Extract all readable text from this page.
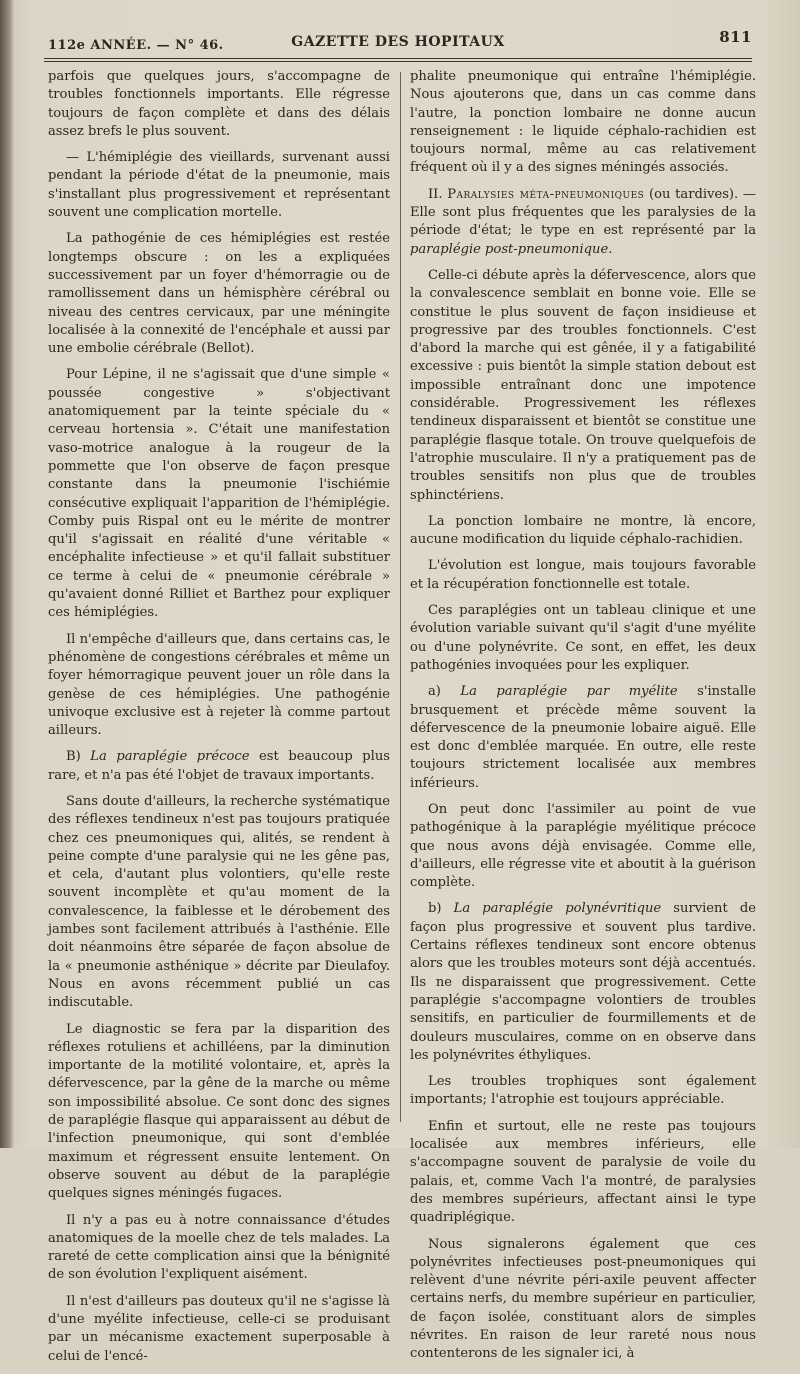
112e ANNÉE. — N° 46.	GAZETTE DES HOPITAUX	811

parfois que quelques jours, s'accompagne de troubles fonctionnels importants. Elle régresse toujours de façon complète et dans des délais assez brefs le plus souvent.

— L'hémiplégie des vieillards, survenant aussi pendant la période d'état de la pneumonie, mais s'installant plus progressivement et représentant souvent une complication mortelle.

La pathogénie de ces hémiplégies est restée longtemps obscure : on les a expliquées successivement par un foyer d'hémorragie ou de ramollissement dans un hémisphère cérébral ou niveau des centres cervicaux, par une méningite localisée à la connexité de l'encéphale et aussi par une embolie cérébrale (Bellot).

Pour Lépine, il ne s'agissait que d'une simple « poussée congestive » s'objectivant anatomiquement par la teinte spéciale du « cerveau hortensia ». C'était une manifestation vaso-motrice analogue à la rougeur de la pommette que l'on observe de façon presque constante dans la pneumonie l'ischiémie consécutive expliquait l'apparition de l'hémiplégie. Comby puis Rispal ont eu le mérite de montrer qu'il s'agissait en réalité d'une véritable « encéphalite infectieuse » et qu'il fallait substituer ce terme à celui de « pneumonie cérébrale » qu'avaient donné Rilliet et Barthez pour expliquer ces hémiplégies.

Il n'empêche d'ailleurs que, dans certains cas, le phénomène de congestions cérébrales et même un foyer hémorragique peuvent jouer un rôle dans la genèse de ces hémiplégies. Une pathogénie univoque exclusive est à rejeter là comme partout ailleurs.

B) La paraplégie précoce est beaucoup plus rare, et n'a pas été l'objet de travaux importants.

Sans doute d'ailleurs, la recherche systématique des réflexes tendineux n'est pas toujours pratiquée chez ces pneumoniques qui, alités, se rendent à peine compte d'une paralysie qui ne les gêne pas, et cela, d'autant plus volontiers, qu'elle reste souvent incomplète et qu'au moment de la convalescence, la faiblesse et le dérobement des jambes sont facilement attribués à l'asthénie. Elle doit néanmoins être séparée de façon absolue de la « pneumonie asthénique » décrite par Dieulafoy. Nous en avons récemment publié un cas indiscutable.

Le diagnostic se fera par la disparition des réflexes rotuliens et achilléens, par la diminution importante de la motilité volontaire, et, après la défervescence, par la gêne de la marche ou même son impossibilité absolue. Ce sont donc des signes de paraplégie flasque qui apparaissent au début de l'infection pneumonique, qui sont d'emblée maximum et régressent ensuite lentement. On observe souvent au début de la paraplégie quelques signes méningés fugaces.

Il n'y a pas eu à notre connaissance d'études anatomiques de la moelle chez de tels malades. La rareté de cette complication ainsi que la bénignité de son évolution l'expliquent aisément.

Il n'est d'ailleurs pas douteux qu'il ne s'agisse là d'une myélite infectieuse, celle-ci se produisant par un mécanisme exactement superposable à celui de l'encé-

phalite pneumonique qui entraîne l'hémiplégie. Nous ajouterons que, dans un cas comme dans l'autre, la ponction lombaire ne donne aucun renseignement : le liquide céphalo-rachidien est toujours normal, même au cas relativement fréquent où il y a des signes méningés associés.

II. Paralysies méta-pneumoniques (ou tardives). — Elle sont plus fréquentes que les paralysies de la période d'état; le type en est représenté par la paraplégie post-pneumonique.

Celle-ci débute après la défervescence, alors que la convalescence semblait en bonne voie. Elle se constitue le plus souvent de façon insidieuse et progressive par des troubles fonctionnels. C'est d'abord la marche qui est gênée, il y a fatigabilité excessive : puis bientôt la simple station debout est impossible entraînant donc une impotence considérable. Progressivement les réflexes tendineux disparaissent et bientôt se constitue une paraplégie flasque totale. On trouve quelquefois de l'atrophie musculaire. Il n'y a pratiquement pas de troubles sensitifs non plus que de troubles sphinctériens.

La ponction lombaire ne montre, là encore, aucune modification du liquide céphalo-rachidien.

L'évolution est longue, mais toujours favorable et la récupération fonctionnelle est totale.

Ces paraplégies ont un tableau clinique et une évolution variable suivant qu'il s'agit d'une myélite ou d'une polynévrite. Ce sont, en effet, les deux pathogénies invoquées pour les expliquer.

a) La paraplégie par myélite s'installe brusquement et précède même souvent la défervescence de la pneumonie lobaire aiguë. Elle est donc d'emblée marquée. En outre, elle reste toujours strictement localisée aux membres inférieurs.

On peut donc l'assimiler au point de vue pathogénique à la paraplégie myélitique précoce que nous avons déjà envisagée. Comme elle, d'ailleurs, elle régresse vite et aboutit à la guérison complète.

b) La paraplégie polynévritique survient de façon plus progressive et souvent plus tardive. Certains réflexes tendineux sont encore obtenus alors que les troubles moteurs sont déjà accentués. Ils ne disparaissent que progressivement. Cette paraplégie s'accompagne volontiers de troubles sensitifs, en particulier de fourmillements et de douleurs musculaires, comme on en observe dans les polynévrites éthyliques.

Les troubles trophiques sont également importants; l'atrophie est toujours appréciable.

Enfin et surtout, elle ne reste pas toujours localisée aux membres inférieurs, elle s'accompagne souvent de paralysie de voile du palais, et, comme Vach l'a montré, de paralysies des membres supérieurs, affectant ainsi le type quadriplégique.

Nous signalerons également que ces polynévrites infectieuses post-pneumoniques qui relèvent d'une névrite péri-axile peuvent affecter certains nerfs, du membre supérieur en particulier, de façon isolée, constituant alors de simples névrites. En raison de leur rareté nous nous contenterons de les signaler ici, à
